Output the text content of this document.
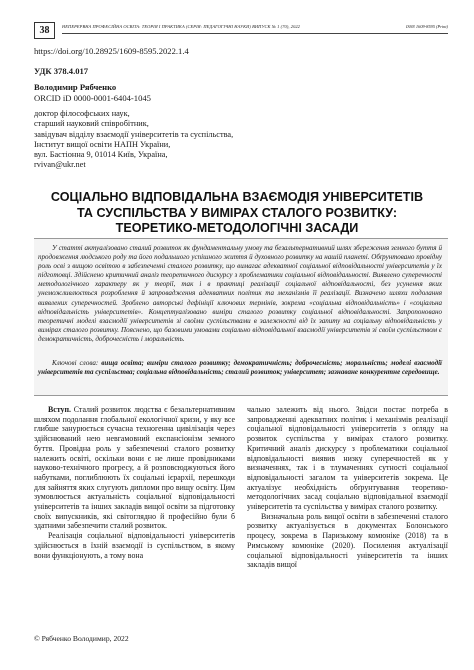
38	НЕПЕРЕРВНА ПРОФЕСІЙНА ОСВІТА: ТЕОРІЯ І ПРАКТИКА (СЕРІЯ: ПЕДАГОГІЧНІ НАУКИ) ВИПУСК № 1 (70), 2022	ISSN 1609-8595 (Print)
https://doi.org/10.28925/1609-8595.2022.1.4
УДК 378.4.017
Володимир Рябченко
ORCID iD 0000-0001-6404-1045
доктор філософських наук,
старший науковий співробітник,
завідувач відділу взаємодії університетів та суспільства,
Інститут вищої освіти НАПН України,
вул. Бастіонна 9, 01014 Київ, Україна,
rvivan@ukr.net
СОЦІАЛЬНО ВІДПОВІДАЛЬНА ВЗАЄМОДІЯ УНІВЕРСИТЕТІВ ТА СУСПІЛЬСТВА У ВИМІРАХ СТАЛОГО РОЗВИТКУ: ТЕОРЕТИКО-МЕТОДОЛОГІЧНІ ЗАСАДИ

У статті актуалізовано сталий розвиток як фундаментальну умову та безальтернативний шлях збереження земного буття й продовження людського роду та його подальшого успішного життя й духовного розвитку на нашій планеті. Обґрунтовано провідну роль осві з вищою освітою в забезпеченні сталого розвитку, що вимагає адекватної соціальної відповідальності університетів у їх підготовці. Здійснено критичний аналіз теоретичного дискурсу з проблематики соціальної відповідальності. Виявлено суперечності методологічного характеру як у теорії, так і в практиці реалізації соціальної відповідальності, без усунення яких унеможливлюється розроблення й запровадження адекватних політик та механізмів її реалізації. Визначено шляхи подолання виявлених суперечностей. Зроблено авторські дефініції ключових термінів, зокрема «соціальна відповідальність» і «соціальна відповідальність університетів». Концептуалізовано виміри сталого розвитку соціальної відповідальності. Запропоновано теоретичні моделі взаємодії університетів зі своїми суспільствами в залежності від їх запиту на соціальну відповідальність у вимірах сталого розвитку. Пояснено, що базовими умовами соціально відповідальної взаємодії університетів зі своїм суспільством є демократичність, доброчесність і моральність.

Ключові слова: вища освіта; виміри сталого розвитку; демократичність; доброчесність; моральність; моделі взаємодії університетів та суспільства; соціальна відповідальність; сталий розвиток; університет; зазнаване конкурентне середовище.

Вступ. Сталий розвиток людства є безальтернативним шляхом подолання глобальної екологічної кризи, у яку все глибше занурюється сучасна техногенна цивілізація через здійснюваний нею невгамовний експансіонізм земного буття. Провідна роль у забезпеченні сталого розвитку належить освіті, оскільки вони є не лише провідниками науково-технічного прогресу, а й розповсюджуються його набутками, поглиблюють їх соціальні ієрархії, перешкоди для зайняття яких слугують дипломи про вищу освіту. Цим зумовлюється актуальність соціальної відповідальності університетів та інших закладів вищої освіти за підготовку своїх випускників, які світоглядно й професійно були б здатними забезпечити сталий розвиток.

Реалізація соціальної відповідальності університетів здійснюється в їхній взаємодії із суспільством, в якому вони функціонують, а тому вона

чально залежить від нього. Звідси постає потреба в запровадженні адекватних політик і механізмів реалізації соціальної відповідальності університетів з огляду на розвиток суспільства у вимірах сталого розвитку. Критичний аналіз дискурсу з проблематики соціальної відповідальності виявив низку суперечностей як у визначеннях, так і в тлумаченнях сутності соціальної відповідальності загалом та університетів зокрема. Це актуалізує необхідність обґрунтування теоретико-методологічних засад соціально відповідальної взаємодії університетів та суспільства у вимірах сталого розвитку.

Визначальна роль вищої освіти в забезпеченні сталого розвитку актуалізується в документах Болонського процесу, зокрема в Паризькому комюніке (2018) та в Римському комюніке (2020). Посилення актуалізації соціальної відповідальності університетів та інших закладів вищої

© Рябченко Володимир, 2022
